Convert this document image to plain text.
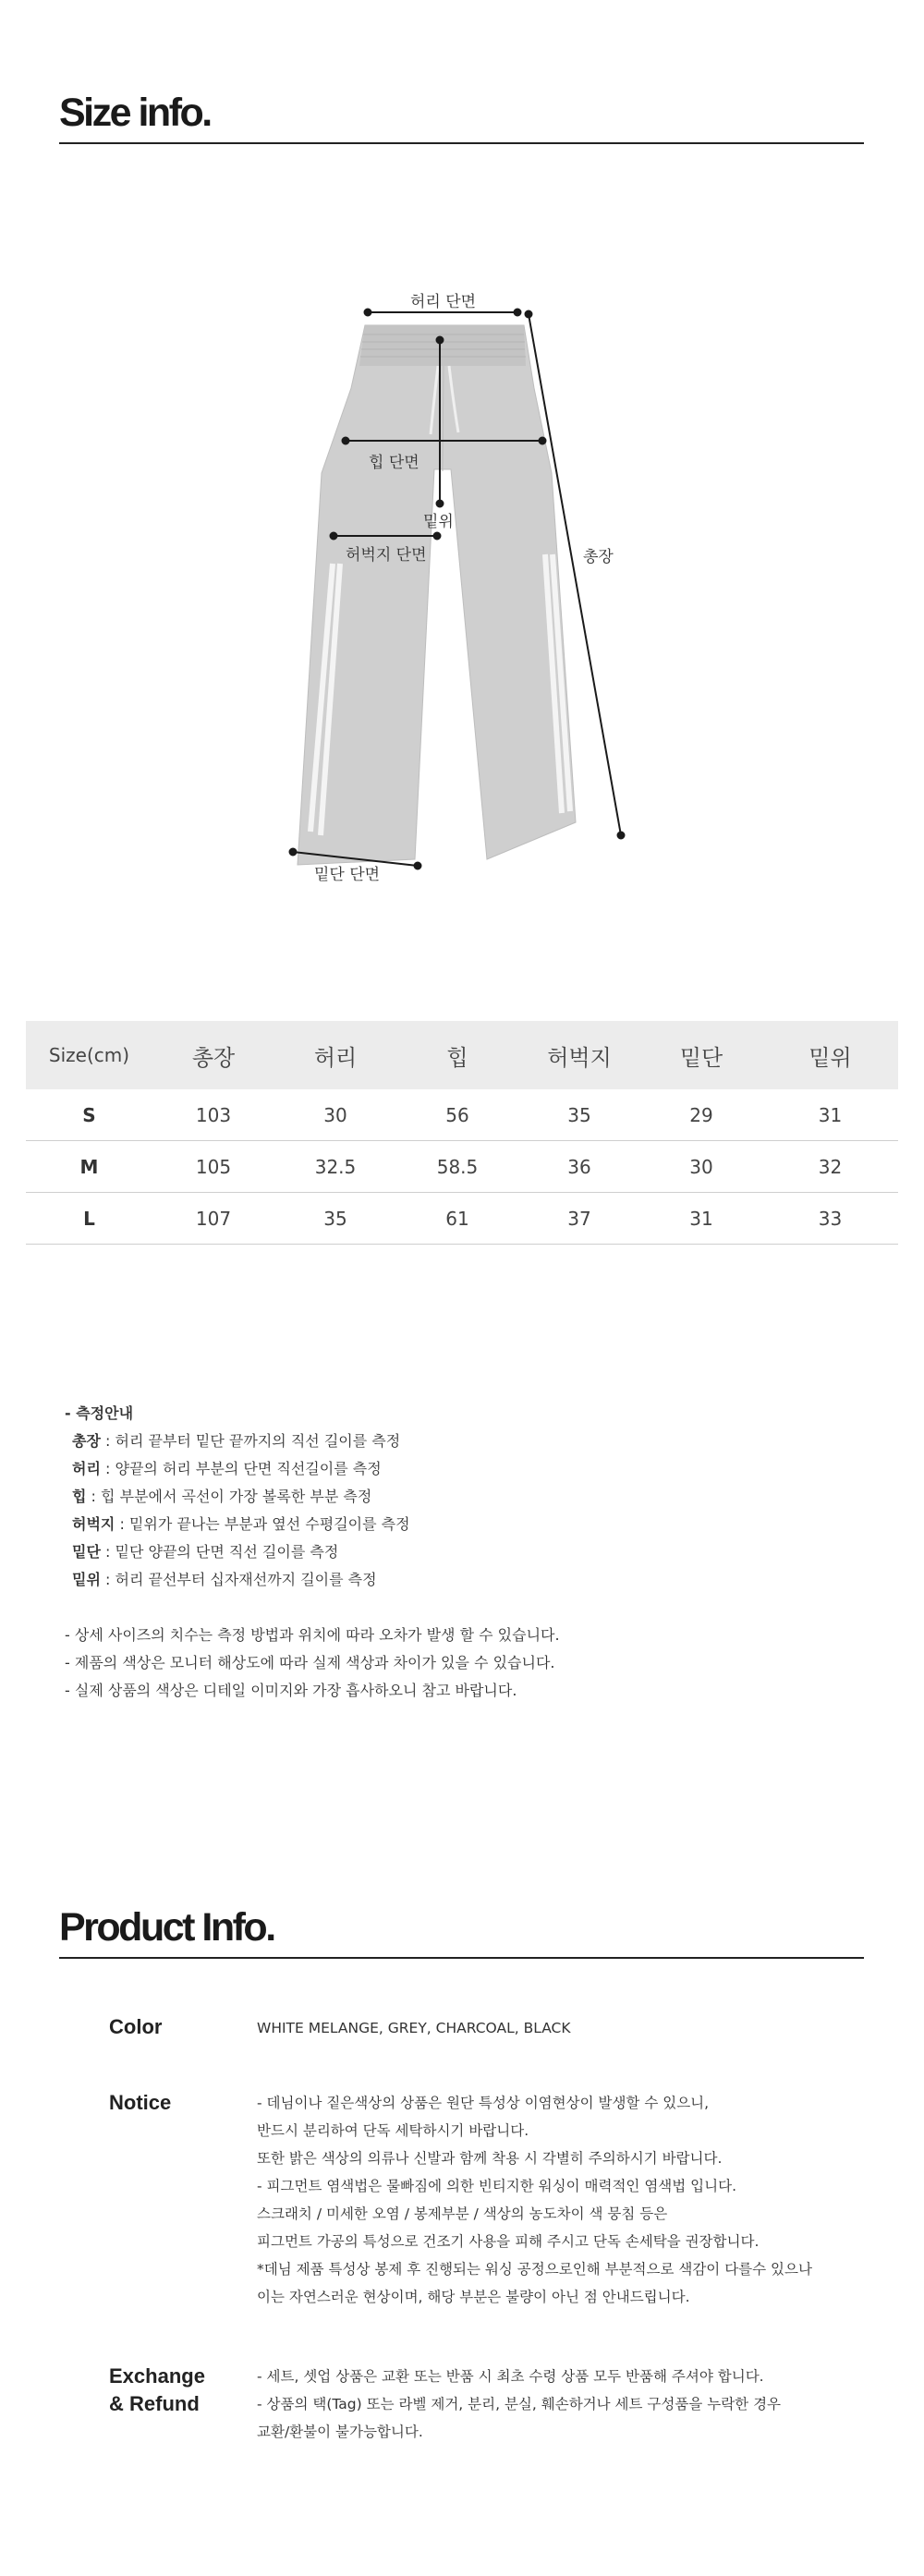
Size info.
허리 단면
힙 단면
밑위
허벅지 단면	총장
밑단 단면
Size(cm)	총장	허리	힙	허벅지	밑단	밑위
S	103	30	56	35	29	31
M	105	32.5	58.5	36	30	32
L	107	35	61	37	31	33
- 측정안내
총장 : 허리 끝부터 밑단 끝까지의 직선 길이를 측정
허리 : 양끝의 허리 부분의 단면 직선길이를 측정
힙 : 힙 부분에서 곡선이 가장 볼록한 부분 측정
허벅지 : 밑위가 끝나는 부분과 옆선 수평길이를 측정
밑단 : 밑단 양끝의 단면 직선 길이를 측정
밑위 : 허리 끝선부터 십자재선까지 길이를 측정
- 상세 사이즈의 치수는 측정 방법과 위치에 따라 오차가 발생 할 수 있습니다.
- 제품의 색상은 모니터 해상도에 따라 실제 색상과 차이가 있을 수 있습니다.
- 실제 상품의 색상은 디테일 이미지와 가장 흡사하오니 참고 바랍니다.
Product Info.
Color	WHITE MELANGE, GREY, CHARCOAL, BLACK
Notice	- 데님이나 짙은색상의 상품은 원단 특성상 이염현상이 발생할 수 있으니,
반드시 분리하여 단독 세탁하시기 바랍니다.
또한 밝은 색상의 의류나 신발과 함께 착용 시 각별히 주의하시기 바랍니다.
- 피그먼트 염색법은 물빠짐에 의한 빈티지한 워싱이 매력적인 염색법 입니다.
스크래치 / 미세한 오염 / 봉제부분 / 색상의 농도차이 색 뭉침 등은
피그먼트 가공의 특성으로 건조기 사용을 피해 주시고 단독 손세탁을 권장합니다.
*데님 제품 특성상 봉제 후 진행되는 워싱 공정으로인해 부분적으로 색감이 다를수 있으나
이는 자연스러운 현상이며, 해당 부분은 불량이 아닌 점 안내드립니다.
Exchange
& Refund
- 세트, 셋업 상품은 교환 또는 반품 시 최초 수령 상품 모두 반품해 주셔야 합니다.
- 상품의 택(Tag) 또는 라벨 제거, 분리, 분실, 훼손하거나 세트 구성품을 누락한 경우
교환/환불이 불가능합니다.
